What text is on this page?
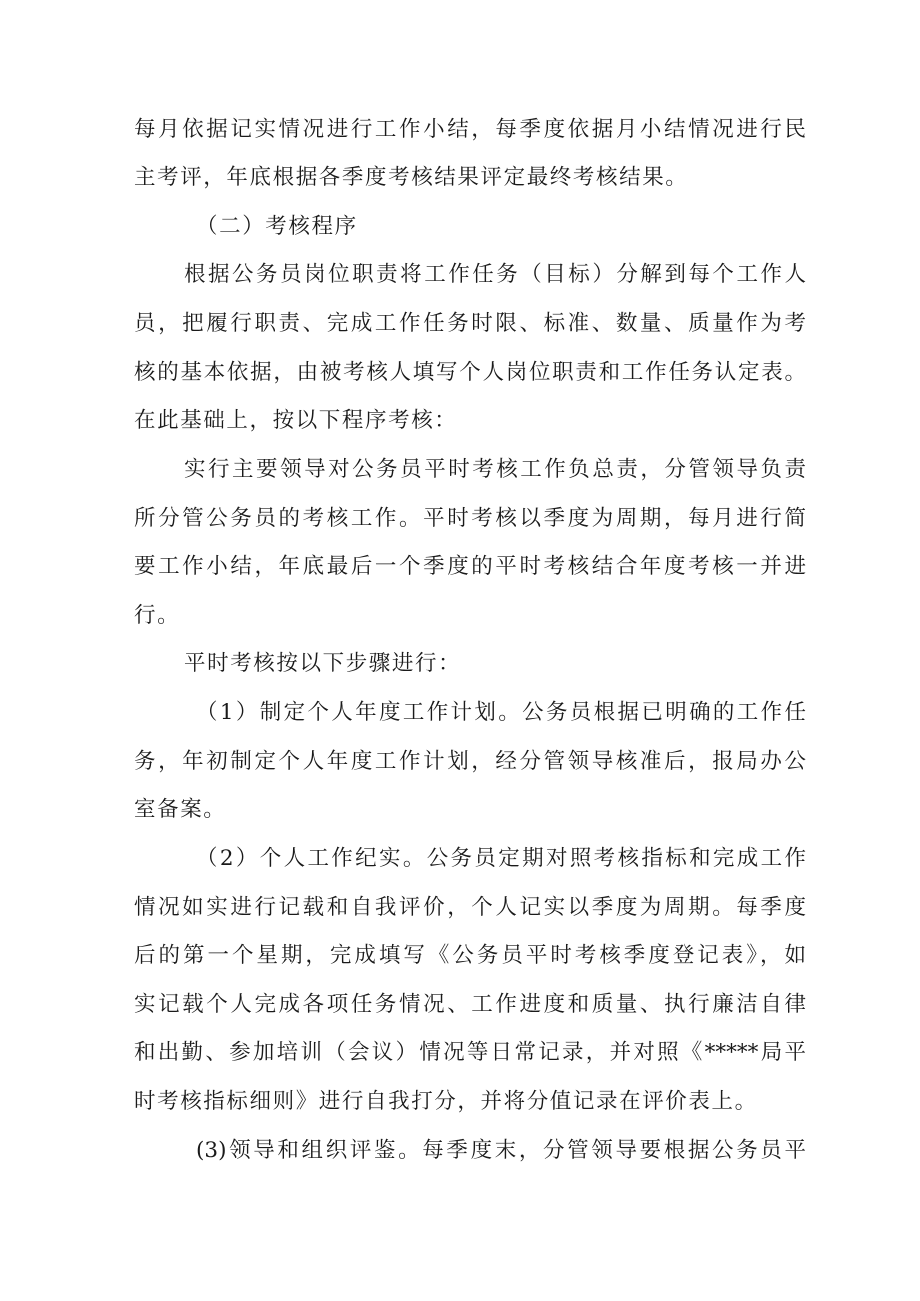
每月依据记实情况进行工作小结，每季度依据月小结情况进行民
主考评，年底根据各季度考核结果评定最终考核结果。
（二）考核程序
根据公务员岗位职责将工作任务（目标）分解到每个工作人
员，把履行职责、完成工作任务时限、标准、数量、质量作为考
核的基本依据，由被考核人填写个人岗位职责和工作任务认定表。
在此基础上，按以下程序考核：
实行主要领导对公务员平时考核工作负总责，分管领导负责
所分管公务员的考核工作。平时考核以季度为周期，每月进行简
要工作小结，年底最后一个季度的平时考核结合年度考核一并进
行。
平时考核按以下步骤进行：
（1）制定个人年度工作计划。公务员根据已明确的工作任
务，年初制定个人年度工作计划，经分管领导核准后，报局办公
室备案。
（2）个人工作纪实。公务员定期对照考核指标和完成工作
情况如实进行记载和自我评价，个人记实以季度为周期。每季度
后的第一个星期，完成填写《公务员平时考核季度登记表》，如
实记载个人完成各项任务情况、工作进度和质量、执行廉洁自律
和出勤、参加培训（会议）情况等日常记录，并对照《*****局平
时考核指标细则》进行自我打分，并将分值记录在评价表上。
(3)领导和组织评鉴。每季度末，分管领导要根据公务员平
